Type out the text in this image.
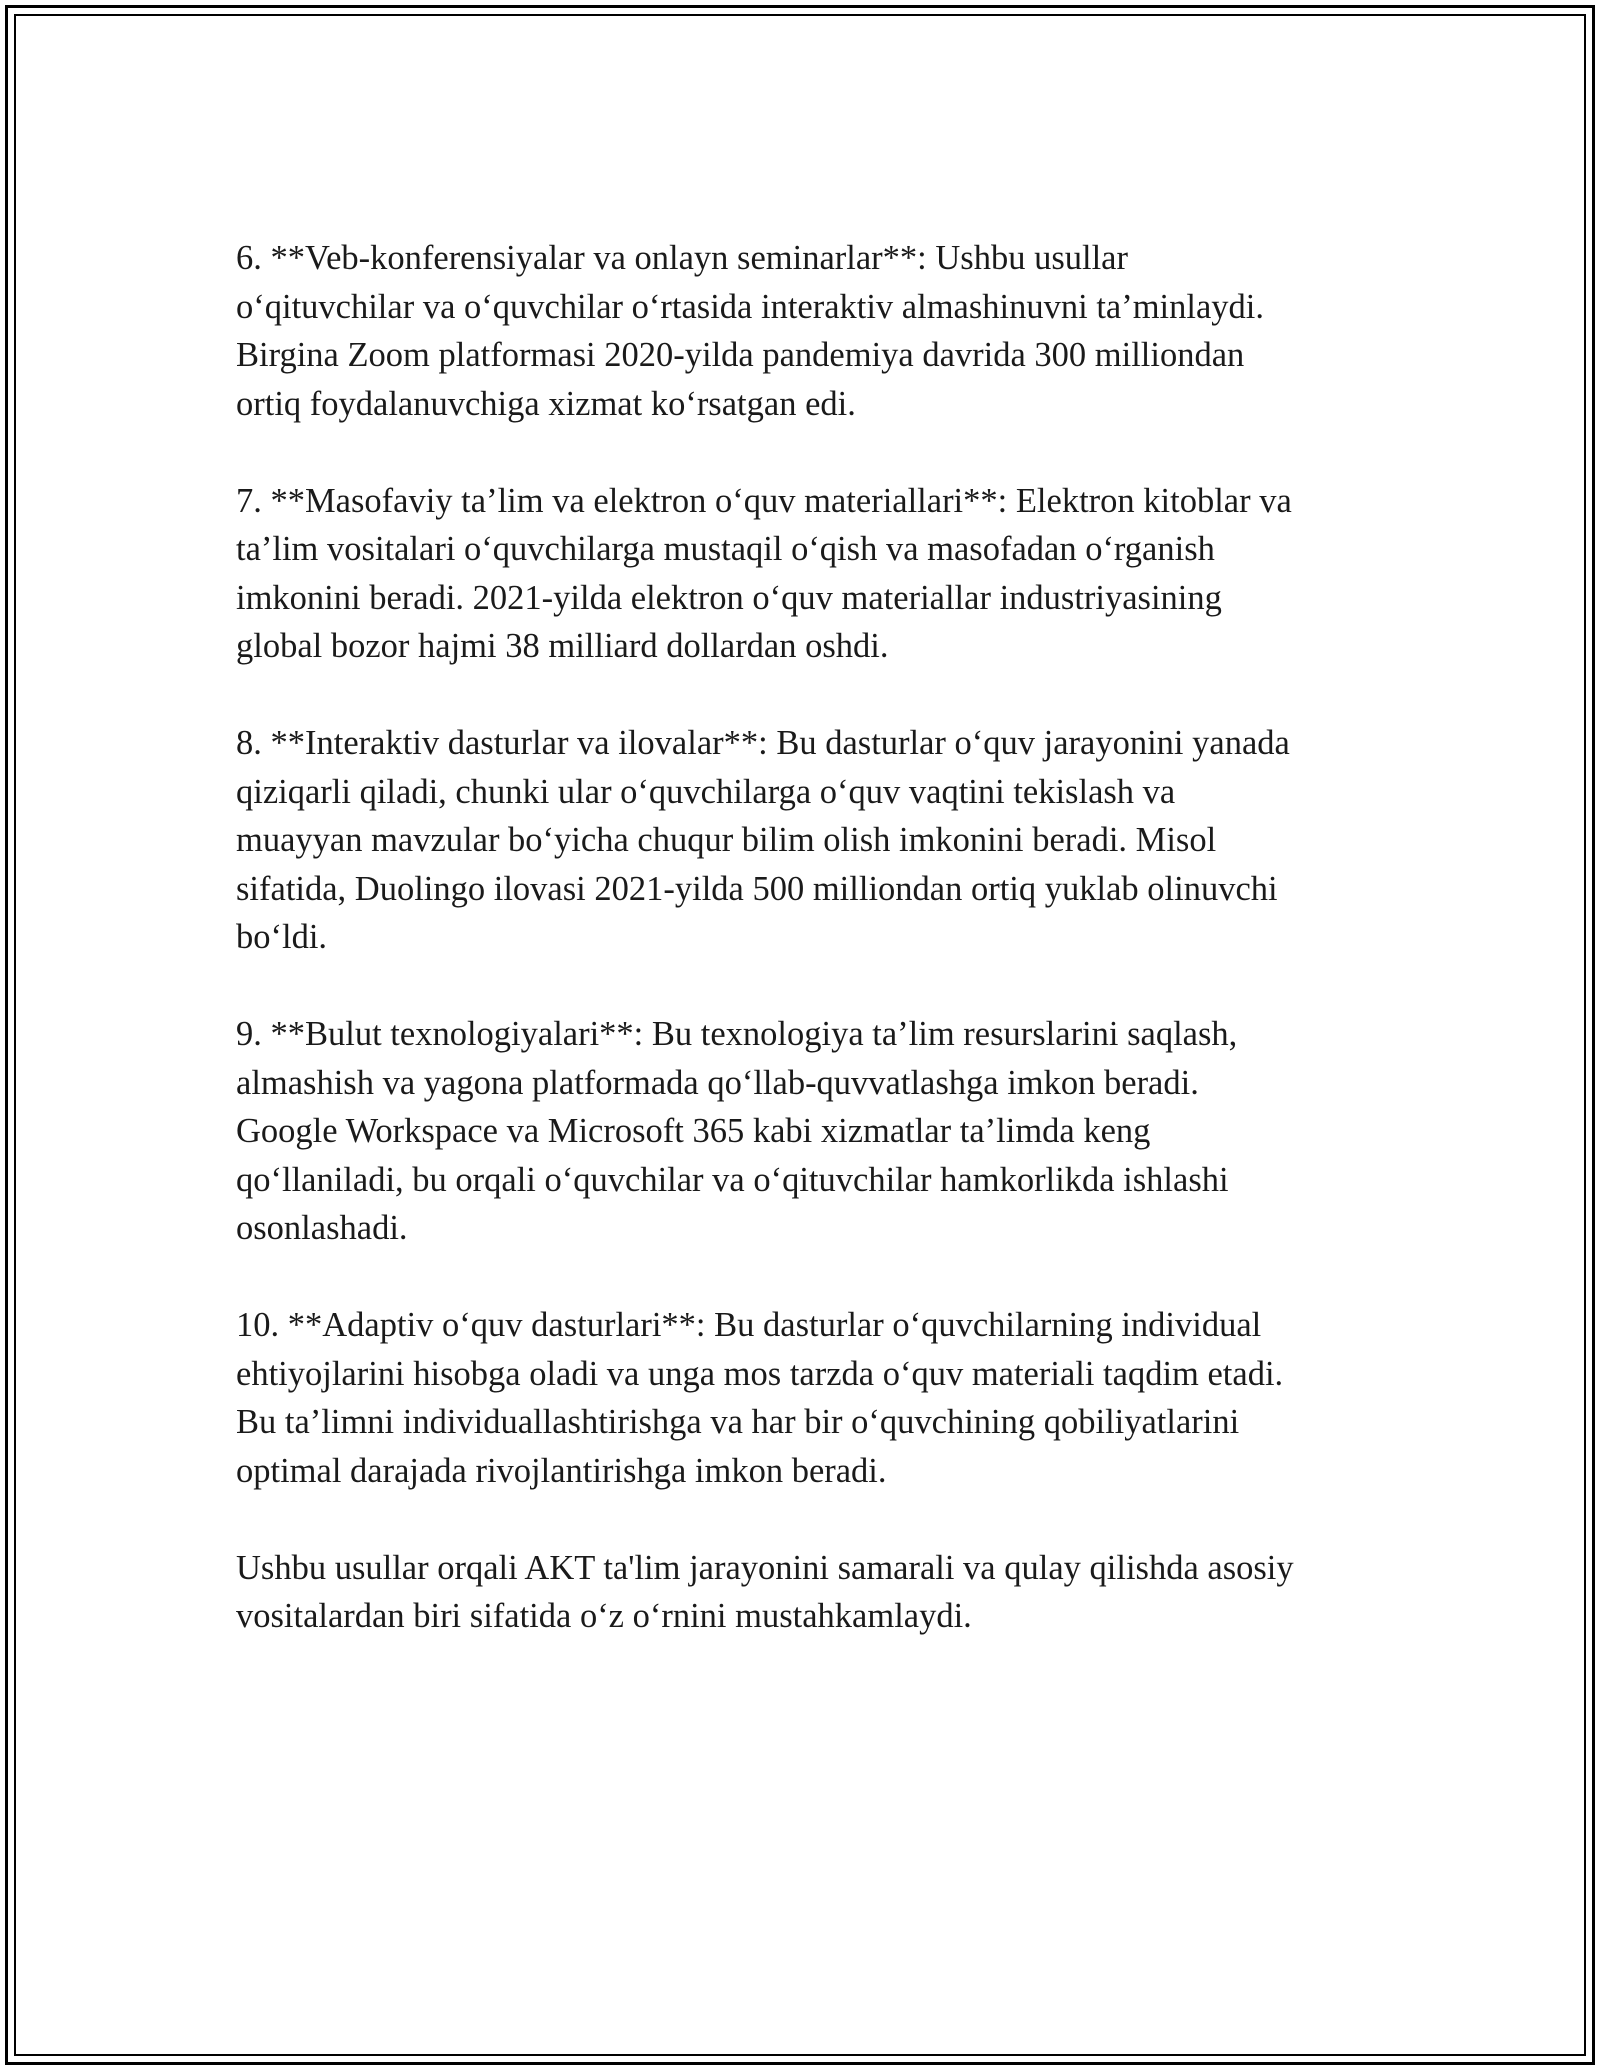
6. **Veb-konferensiyalar va onlayn seminarlar**: Ushbu usullar
o‘qituvchilar va o‘quvchilar o‘rtasida interaktiv almashinuvni ta’minlaydi.
Birgina Zoom platformasi 2020-yilda pandemiya davrida 300 milliondan
ortiq foydalanuvchiga xizmat ko‘rsatgan edi.

7. **Masofaviy ta’lim va elektron o‘quv materiallari**: Elektron kitoblar va
ta’lim vositalari o‘quvchilarga mustaqil o‘qish va masofadan o‘rganish
imkonini beradi. 2021-yilda elektron o‘quv materiallar industriyasining
global bozor hajmi 38 milliard dollardan oshdi.

8. **Interaktiv dasturlar va ilovalar**: Bu dasturlar o‘quv jarayonini yanada
qiziqarli qiladi, chunki ular o‘quvchilarga o‘quv vaqtini tekislash va
muayyan mavzular bo‘yicha chuqur bilim olish imkonini beradi. Misol
sifatida, Duolingo ilovasi 2021-yilda 500 milliondan ortiq yuklab olinuvchi
bo‘ldi.

9. **Bulut texnologiyalari**: Bu texnologiya ta’lim resurslarini saqlash,
almashish va yagona platformada qo‘llab-quvvatlashga imkon beradi.
Google Workspace va Microsoft 365 kabi xizmatlar ta’limda keng
qo‘llaniladi, bu orqali o‘quvchilar va o‘qituvchilar hamkorlikda ishlashi
osonlashadi.

10. **Adaptiv o‘quv dasturlari**: Bu dasturlar o‘quvchilarning individual
ehtiyojlarini hisobga oladi va unga mos tarzda o‘quv materiali taqdim etadi.
Bu ta’limni individuallashtirishga va har bir o‘quvchining qobiliyatlarini
optimal darajada rivojlantirishga imkon beradi.

Ushbu usullar orqali AKT ta'lim jarayonini samarali va qulay qilishda asosiy
vositalardan biri sifatida o‘z o‘rnini mustahkamlaydi.
